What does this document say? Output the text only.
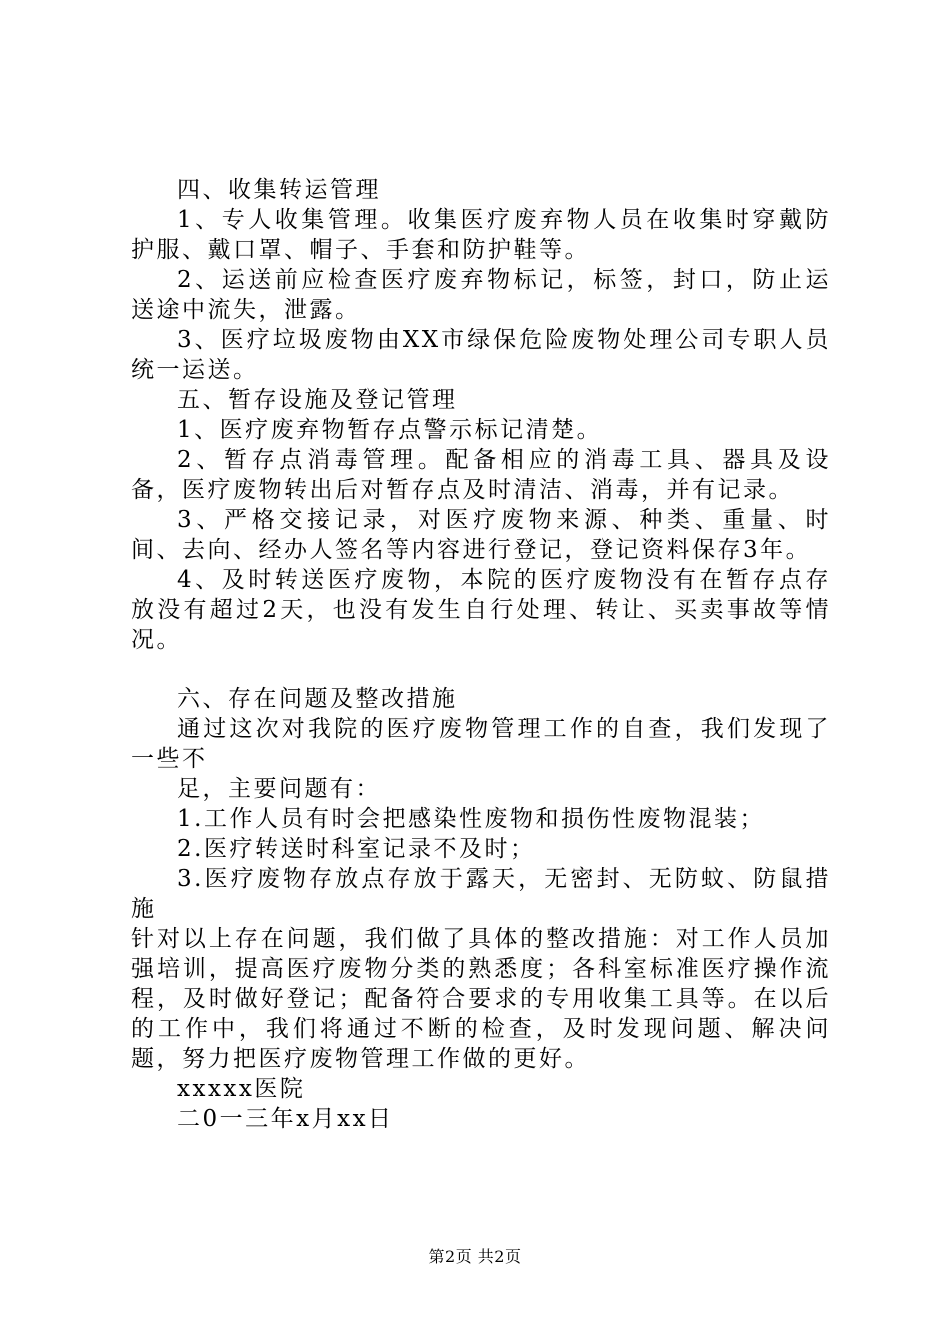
四、收集转运管理

1、专人收集管理。收集医疗废弃物人员在收集时穿戴防护服、戴口罩、帽子、手套和防护鞋等。

2、运送前应检查医疗废弃物标记，标签，封口，防止运送途中流失，泄露。

3、医疗垃圾废物由XX市绿保危险废物处理公司专职人员统一运送。

五、暂存设施及登记管理

1、医疗废弃物暂存点警示标记清楚。

2、暂存点消毒管理。配备相应的消毒工具、器具及设备，医疗废物转出后对暂存点及时清洁、消毒，并有记录。

3、严格交接记录，对医疗废物来源、种类、重量、时间、去向、经办人签名等内容进行登记，登记资料保存3年。

4、及时转送医疗废物，本院的医疗废物没有在暂存点存放没有超过2天，也没有发生自行处理、转让、买卖事故等情况。

六、存在问题及整改措施

通过这次对我院的医疗废物管理工作的自查，我们发现了一些不

足，主要问题有：

1.工作人员有时会把感染性废物和损伤性废物混装；

2.医疗转送时科室记录不及时；

3.医疗废物存放点存放于露天，无密封、无防蚊、防鼠措施

针对以上存在问题，我们做了具体的整改措施：对工作人员加强培训，提高医疗废物分类的熟悉度；各科室标准医疗操作流程，及时做好登记；配备符合要求的专用收集工具等。在以后的工作中，我们将通过不断的检查，及时发现问题、解决问题，努力把医疗废物管理工作做的更好。

xxxxx医院

二0一三年x月xx日

第2页 共2页
